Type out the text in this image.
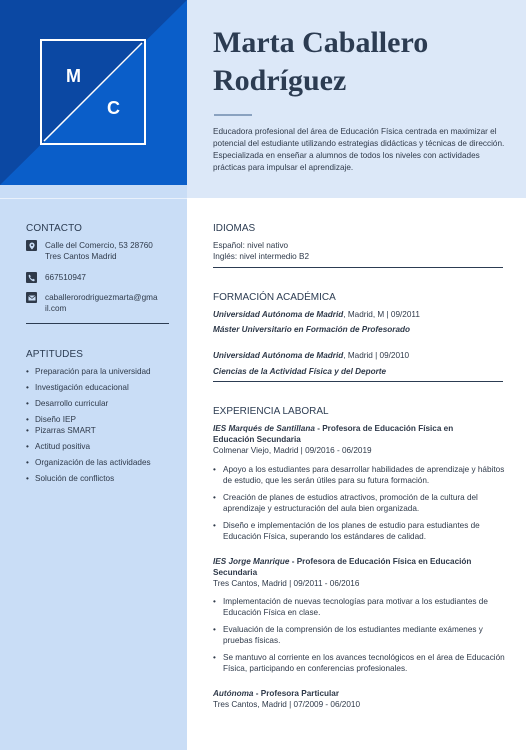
M
C
Marta Caballero
Rodríguez

Educadora profesional del área de Educación Física centrada en maximizar el potencial del estudiante utilizando estrategias didácticas y técnicas de dirección. Especializada en enseñar a alumnos de todos los niveles con actividades prácticas para impulsar el aprendizaje.

CONTACTO
Calle del Comercio, 53 28760
Tres Cantos Madrid
667510947
caballerorodriguezmarta@gma
il.com
APTITUDES
• Preparación para la universidad
• Investigación educacional
• Desarrollo curricular
• Diseño IEP
• Pizarras SMART
• Actitud positiva
• Organización de las actividades
• Solución de conflictos
IDIOMAS
Español: nivel nativo
Inglés: nivel intermedio B2
FORMACIÓN ACADÉMICA
Universidad Autónoma de Madrid, Madrid, M | 09/2011
Máster Universitario en Formación de Profesorado
Universidad Autónoma de Madrid, Madrid | 09/2010
Ciencias de la Actividad Física y del Deporte
EXPERIENCIA LABORAL
IES Marqués de Santillana - Profesora de Educación Física en
Educación Secundaria
Colmenar Viejo, Madrid | 09/2016 - 06/2019
• Apoyo a los estudiantes para desarrollar habilidades de aprendizaje y hábitos de estudio, que les serán útiles para su futura formación.
• Creación de planes de estudios atractivos, promoción de la cultura del aprendizaje y estructuración del aula bien organizada.
• Diseño e implementación de los planes de estudio para estudiantes de Educación Física, superando los estándares de calidad.
IES Jorge Manrique - Profesora de Educación Física en Educación
Secundaria
Tres Cantos, Madrid | 09/2011 - 06/2016
• Implementación de nuevas tecnologías para motivar a los estudiantes de Educación Física en clase.
• Evaluación de la comprensión de los estudiantes mediante exámenes y pruebas físicas.
• Se mantuvo al corriente en los avances tecnológicos en el área de Educación Física, participando en conferencias profesionales.
Autónoma - Profesora Particular
Tres Cantos, Madrid | 07/2009 - 06/2010
